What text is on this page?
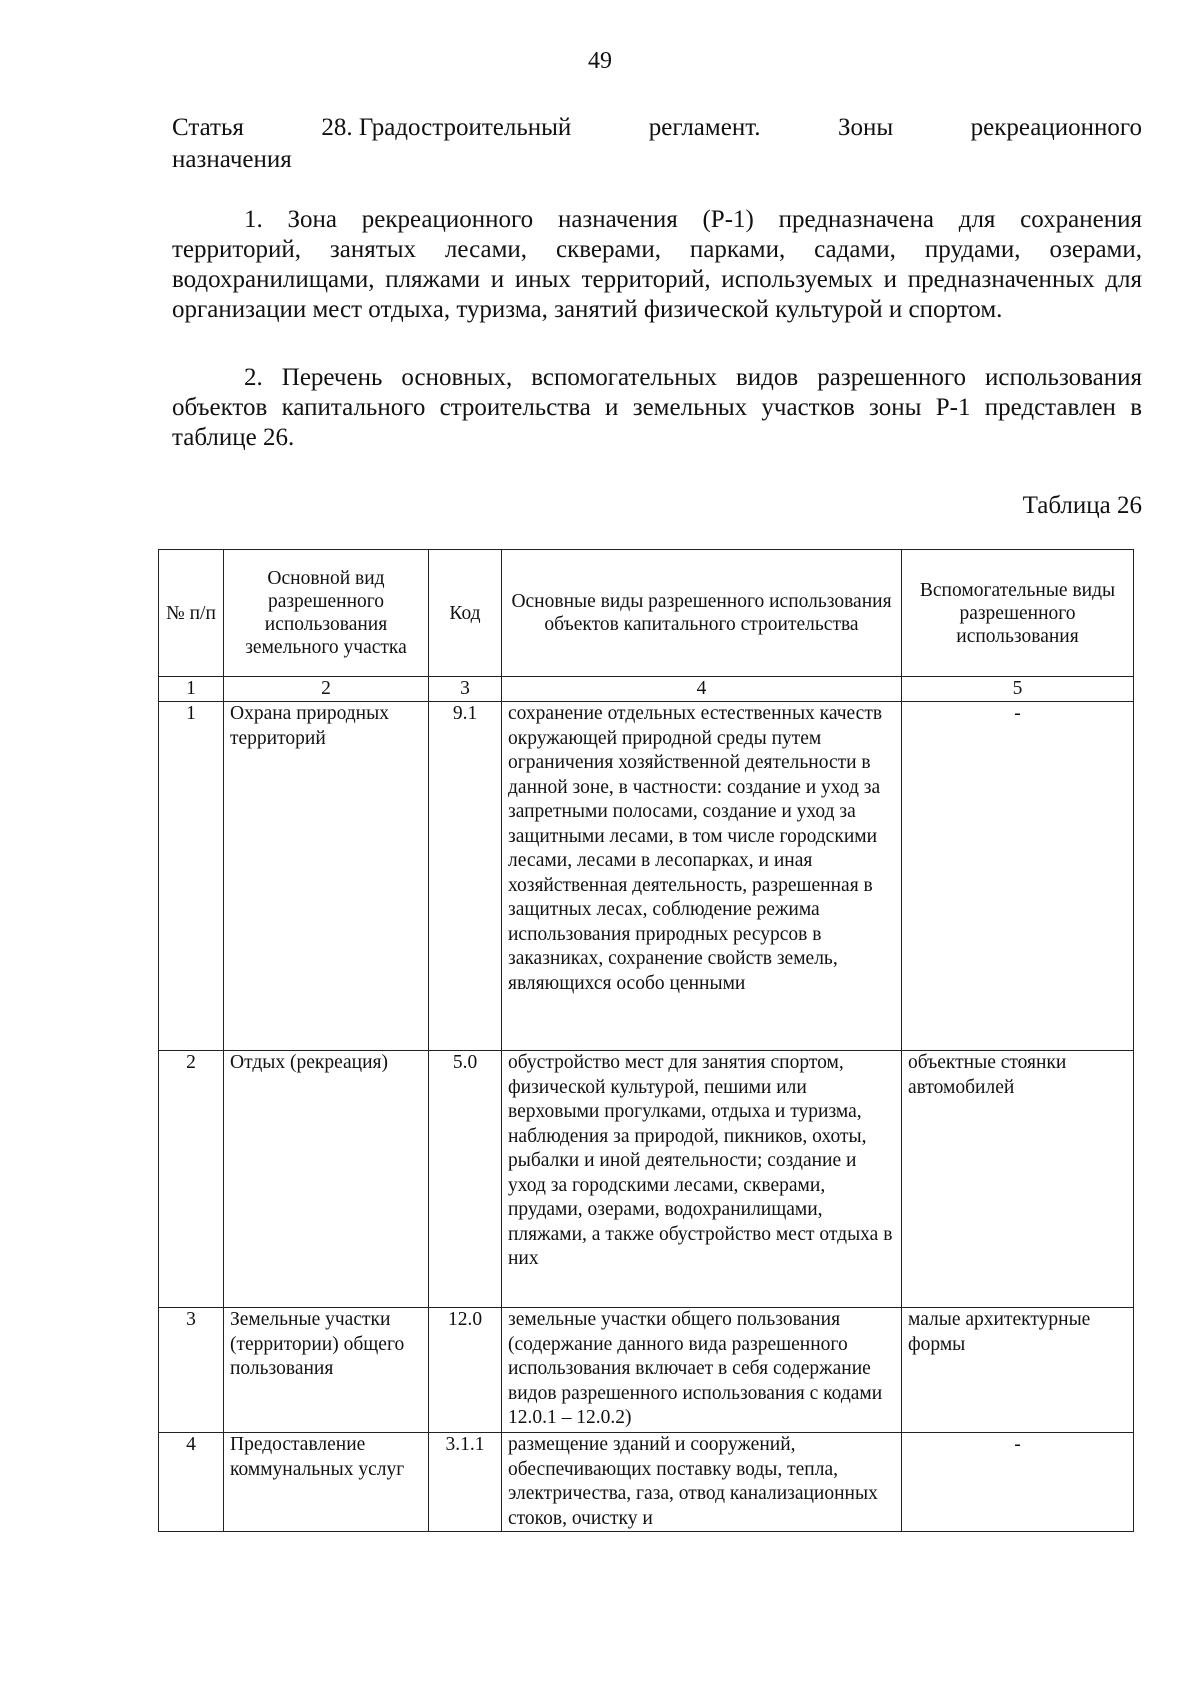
49
Статья	28. Градостроительный	регламент.	Зоны	рекреационного
назначения
1. Зона рекреационного назначения (Р-1) предназначена для сохранения территорий, занятых лесами, скверами, парками, садами, прудами, озерами, водохранилищами, пляжами и иных территорий, используемых и предназначенных для организации мест отдыха, туризма, занятий физической культурой и спортом.
2. Перечень основных, вспомогательных видов разрешенного использования объектов капитального строительства и земельных участков зоны Р-1 представлен в таблице 26.
Таблица 26
№ п/п	Основной вид разрешенного использования земельного участка	Код	Основные виды разрешенного использования объектов капитального строительства	Вспомогательные виды разрешенного использования
1	2	3	4	5
1	Охрана природных территорий	9.1	сохранение отдельных естественных качеств окружающей природной среды путем ограничения хозяйственной деятельности в данной зоне, в частности: создание и уход за запретными полосами, создание и уход за защитными лесами, в том числе городскими лесами, лесами в лесопарках, и иная хозяйственная деятельность, разрешенная в защитных лесах, соблюдение режима использования природных ресурсов в заказниках, сохранение свойств земель, являющихся особо ценными	-
2	Отдых (рекреация)	5.0	обустройство мест для занятия спортом, физической культурой, пешими или верховыми прогулками, отдыха и туризма, наблюдения за природой, пикников, охоты, рыбалки и иной деятельности; создание и уход за городскими лесами, скверами, прудами, озерами, водохранилищами, пляжами, а также обустройство мест отдыха в них	объектные стоянки автомобилей
3	Земельные участки (территории) общего пользования	12.0	земельные участки общего пользования (содержание данного вида разрешенного использования включает в себя содержание видов разрешенного использования с кодами 12.0.1 – 12.0.2)	малые архитектурные формы
4	Предоставление коммунальных услуг	3.1.1	размещение зданий и сооружений, обеспечивающих поставку воды, тепла, электричества, газа, отвод канализационных стоков, очистку и	-
